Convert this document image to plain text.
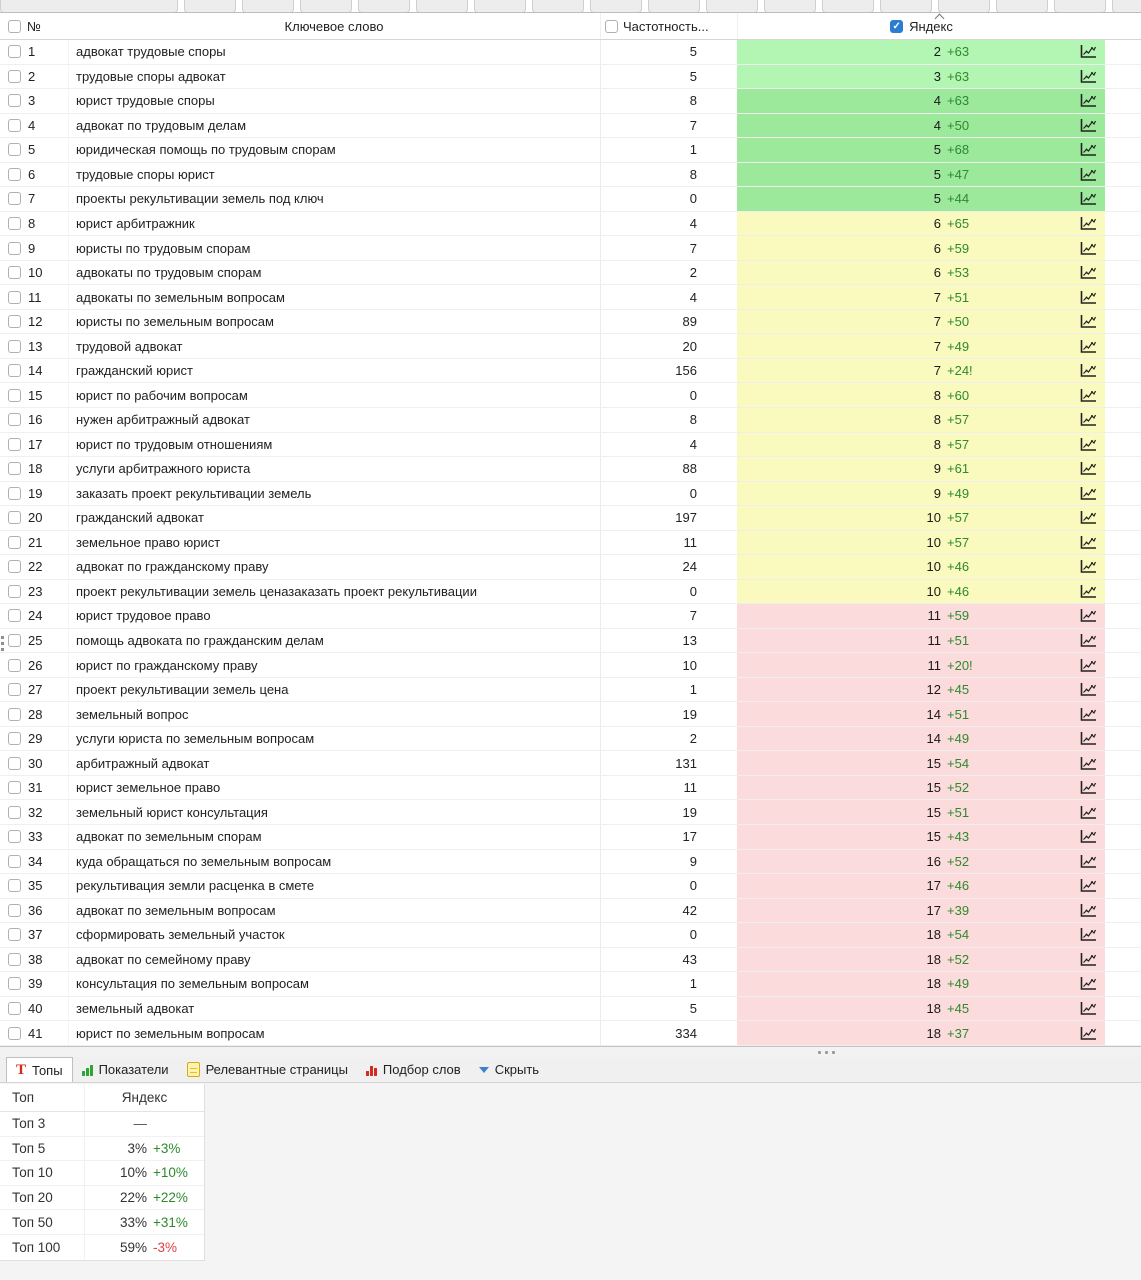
№	Ключевое слово	Частотность...	✓ Яндекс
1	адвокат трудовые споры	5	2 +63
2	трудовые споры адвокат	5	3 +63
3	юрист трудовые споры	8	4 +63
4	адвокат по трудовым делам	7	4 +50
5	юридическая помощь по трудовым спорам	1	5 +68
6	трудовые споры юрист	8	5 +47
7	проекты рекультивации земель под ключ	0	5 +44
8	юрист арбитражник	4	6 +65
9	юристы по трудовым спорам	7	6 +59
10	адвокаты по трудовым спорам	2	6 +53
11	адвокаты по земельным вопросам	4	7 +51
12	юристы по земельным вопросам	89	7 +50
13	трудовой адвокат	20	7 +49
14	гражданский юрист	156	7 +24!
15	юрист по рабочим вопросам	0	8 +60
16	нужен арбитражный адвокат	8	8 +57
17	юрист по трудовым отношениям	4	8 +57
18	услуги арбитражного юриста	88	9 +61
19	заказать проект рекультивации земель	0	9 +49
20	гражданский адвокат	197	10 +57
21	земельное право юрист	11	10 +57
22	адвокат по гражданскому праву	24	10 +46
23	проект рекультивации земель ценазаказать проект рекультивации	0	10 +46
24	юрист трудовое право	7	11 +59
25	помощь адвоката по гражданским делам	13	11 +51
26	юрист по гражданскому праву	10	11 +20!
27	проект рекультивации земель цена	1	12 +45
28	земельный вопрос	19	14 +51
29	услуги юриста по земельным вопросам	2	14 +49
30	арбитражный адвокат	131	15 +54
31	юрист земельное право	11	15 +52
32	земельный юрист консультация	19	15 +51
33	адвокат по земельным спорам	17	15 +43
34	куда обращаться по земельным вопросам	9	16 +52
35	рекультивация земли расценка в смете	0	17 +46
36	адвокат по земельным вопросам	42	17 +39
37	сформировать земельный участок	0	18 +54
38	адвокат по семейному праву	43	18 +52
39	консультация по земельным вопросам	1	18 +49
40	земельный адвокат	5	18 +45
41	юрист по земельным вопросам	334	18 +37
T Топы	Показатели	Релевантные страницы	Подбор слов	Скрыть
Топ	Яндекс
Топ 3	—
Топ 5	3% +3%
Топ 10	10% +10%
Топ 20	22% +22%
Топ 50	33% +31%
Топ 100	59% -3%
